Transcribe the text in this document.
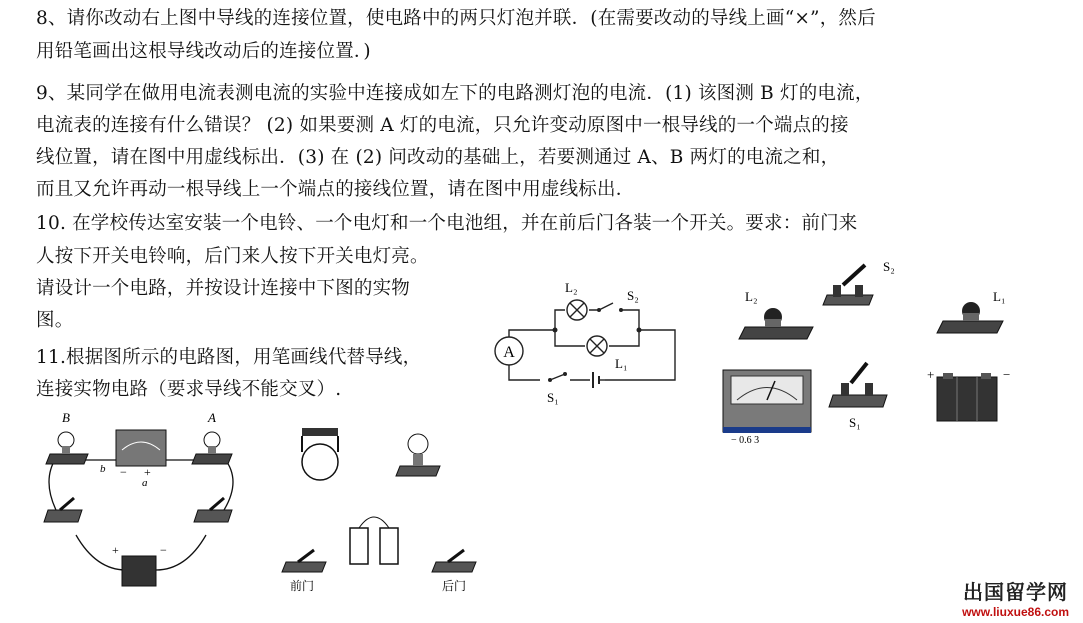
8、请你改动右上图中导线的连接位置，使电路中的两只灯泡并联．(在需要改动的导线上画“×”，然后
用铅笔画出这根导线改动后的连接位置．)
9、某同学在做用电流表测电流的实验中连接成如左下的电路测灯泡的电流．(1) 该图测 B 灯的电流，
电流表的连接有什么错误？ (2) 如果要测 A 灯的电流，只允许变动原图中一根导线的一个端点的接
线位置，请在图中用虚线标出．(3) 在 (2) 问改动的基础上，若要测通过 A、B 两灯的电流之和，
而且又允许再动一根导线上一个端点的接线位置，请在图中用虚线标出．
10. 在学校传达室安装一个电铃、一个电灯和一个电池组，并在前后门各装一个开关。要求：前门来
人按下开关电铃响，后门来人按下开关电灯亮。
请设计一个电路，并按设计连接中下图的实物
图。
11.根据图所示的电路图，用笔画线代替导线，
连接实物电路（要求导线不能交叉）.
A
L₂
S₂
L₁
S₁
S₂
L₂	L₁
− 0.6 3
S₁
+	−
B
− +
b
a
A
+	−
前门	后门	出国留学网
www.liuxue86.com
